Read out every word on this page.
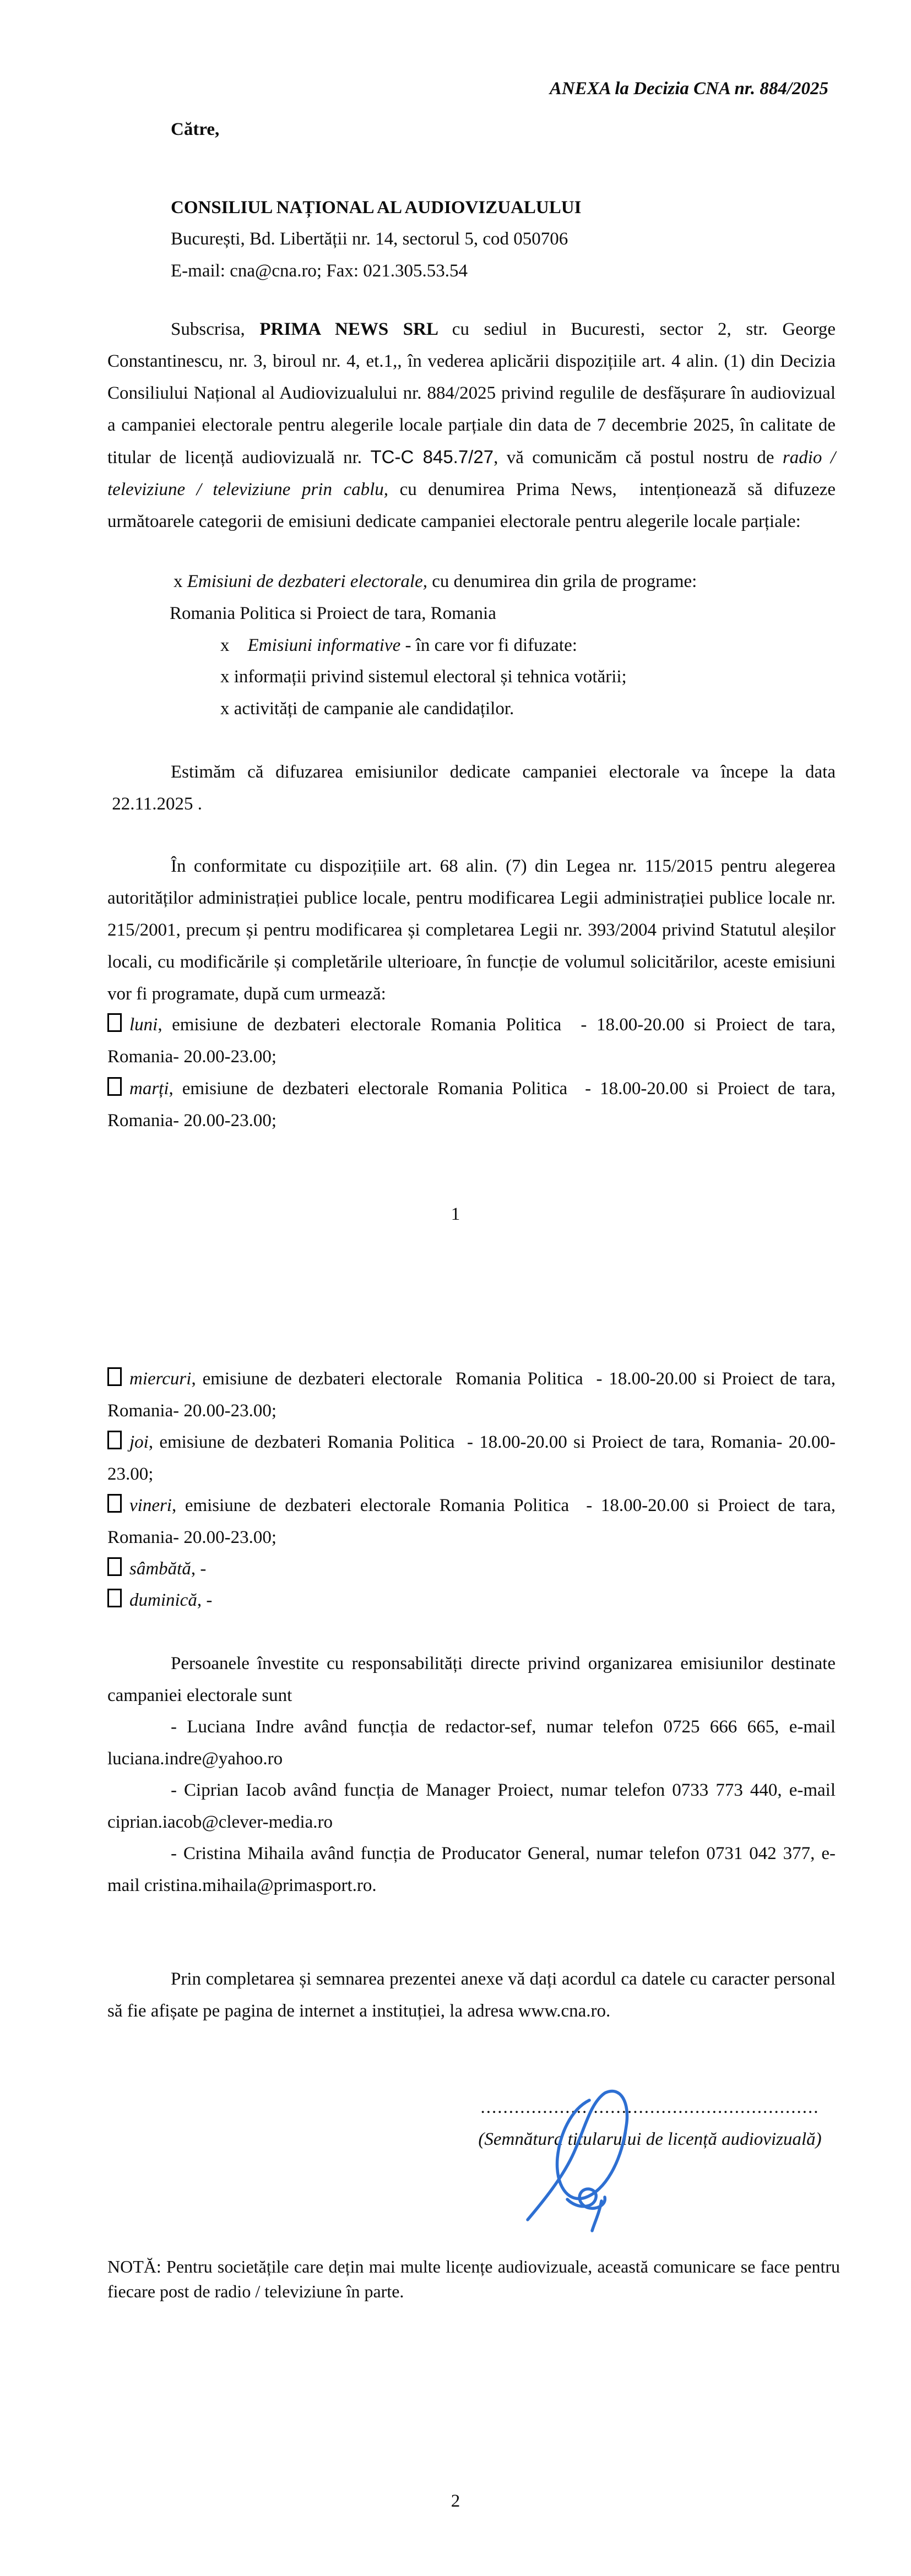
ANEXA la Decizia CNA nr. 884/2025
Către,
CONSILIUL NAȚIONAL AL AUDIOVIZUALULUI
București, Bd. Libertății nr. 14, sectorul 5, cod 050706
E-mail: cna@cna.ro; Fax: 021.305.53.54

Subscrisa, PRIMA NEWS SRL cu sediul in Bucuresti, sector 2, str. George Constantinescu, nr. 3, biroul nr. 4, et.1,, în vederea aplicării dispozițiile art. 4 alin. (1) din Decizia Consiliului Național al Audiovizualului nr. 884/2025 privind regulile de desfășurare în audiovizual a campaniei electorale pentru alegerile locale parțiale din data de 7 decembrie 2025, în calitate de titular de licență audiovizuală nr. TC-C 845.7/27, vă comunicăm că postul nostru de radio / televiziune / televiziune prin cablu, cu denumirea Prima News,  intenționează să difuzeze următoarele categorii de emisiuni dedicate campaniei electorale pentru alegerile locale parțiale:

x Emisiuni de dezbateri electorale, cu denumirea din grila de programe:

Romania Politica si Proiect de tara, Romania

x    Emisiuni informative - în care vor fi difuzate:

x informații privind sistemul electoral și tehnica votării;

x activități de campanie ale candidaților.

Estimăm că difuzarea emisiunilor dedicate campaniei electorale va începe la data  22.11.2025 .

În conformitate cu dispozițiile art. 68 alin. (7) din Legea nr. 115/2015 pentru alegerea autorităților administrației publice locale, pentru modificarea Legii administrației publice locale nr. 215/2001, precum și pentru modificarea și completarea Legii nr. 393/2004 privind Statutul aleșilor locali, cu modificările și completările ulterioare, în funcție de volumul solicitărilor, aceste emisiuni vor fi programate, după cum urmează:

luni, emisiune de dezbateri electorale Romania Politica  - 18.00-20.00 si Proiect de tara, Romania- 20.00-23.00;

marți, emisiune de dezbateri electorale Romania Politica  - 18.00-20.00 si Proiect de tara, Romania- 20.00-23.00;

1

miercuri, emisiune de dezbateri electorale  Romania Politica  - 18.00-20.00 si Proiect de tara, Romania- 20.00-23.00;

joi, emisiune de dezbateri Romania Politica  - 18.00-20.00 si Proiect de tara, Romania- 20.00-23.00;

vineri, emisiune de dezbateri electorale Romania Politica  - 18.00-20.00 si Proiect de tara, Romania- 20.00-23.00;

sâmbătă, -

duminică, -

Persoanele învestite cu responsabilități directe privind organizarea emisiunilor destinate campaniei electorale sunt

- Luciana Indre având funcția de redactor-sef, numar telefon 0725 666 665, e-mail luciana.indre@yahoo.ro

- Ciprian Iacob având funcția de Manager Proiect, numar telefon 0733 773 440, e-mail ciprian.iacob@clever-media.ro

- Cristina Mihaila având funcția de Producator General, numar telefon 0731 042 377, e-mail cristina.mihaila@primasport.ro.

Prin completarea și semnarea prezentei anexe vă dați acordul ca datele cu caracter personal să fie afișate pe pagina de internet a instituției, la adresa www.cna.ro.

............................................................
(Semnătura titularului de licență audiovizuală)

NOTĂ: Pentru societățile care dețin mai multe licențe audiovizuale, această comunicare se face pentru fiecare post de radio / televiziune în parte.

2
